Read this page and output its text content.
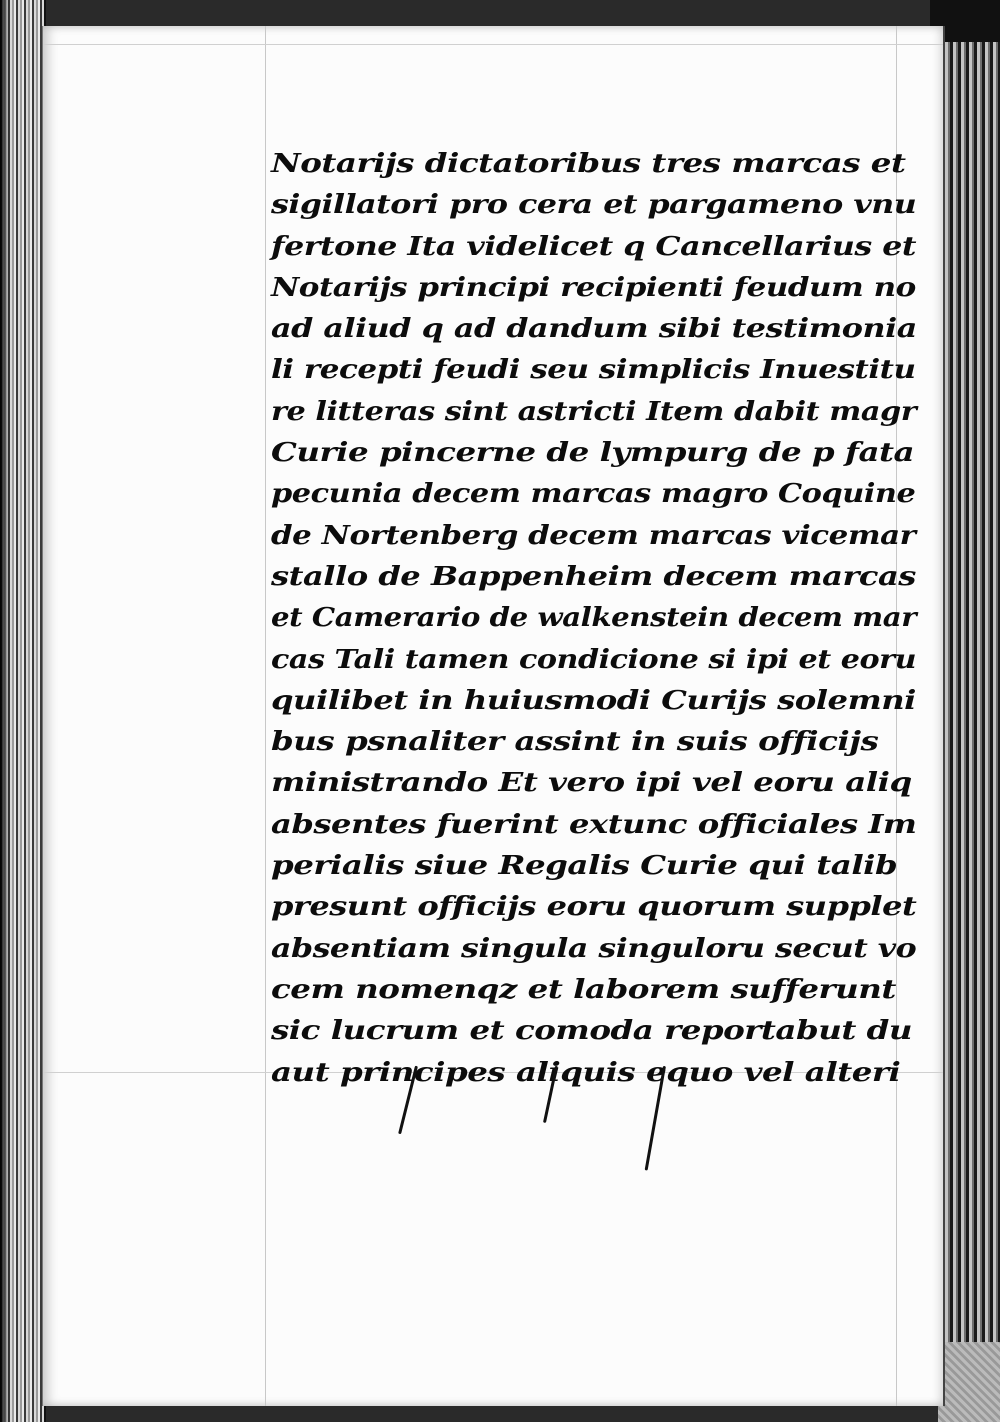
Notarijs dictatoribus tres marcas et
sigillatori pro cera et pargameno vnu
fertone Ita videlicet q Cancellarius et
Notarijs principi recipienti feudum no
ad aliud q ad dandum sibi testimonia
li recepti feudi seu simplicis Inuestitu
re litteras sint astricti Item dabit magr
Curie pincerne de lympurg de p fata
pecunia decem marcas magro Coquine
de Nortenberg decem marcas vicemar
stallo de Bappenheim decem marcas
et Camerario de walkenstein decem mar
cas Tali tamen condicione si ipi et eoru
quilibet in huiusmodi Curijs solemni
bus psnaliter assint in suis officijs
ministrando Et vero ipi vel eoru aliq
absentes fuerint extunc officiales Im
perialis siue Regalis Curie qui talib
presunt officijs eoru quorum supplet
absentiam singula singuloru secut vo
cem nomenqz et laborem sufferunt
sic lucrum et comoda reportabut du
aut principes aliquis equo vel alteri
